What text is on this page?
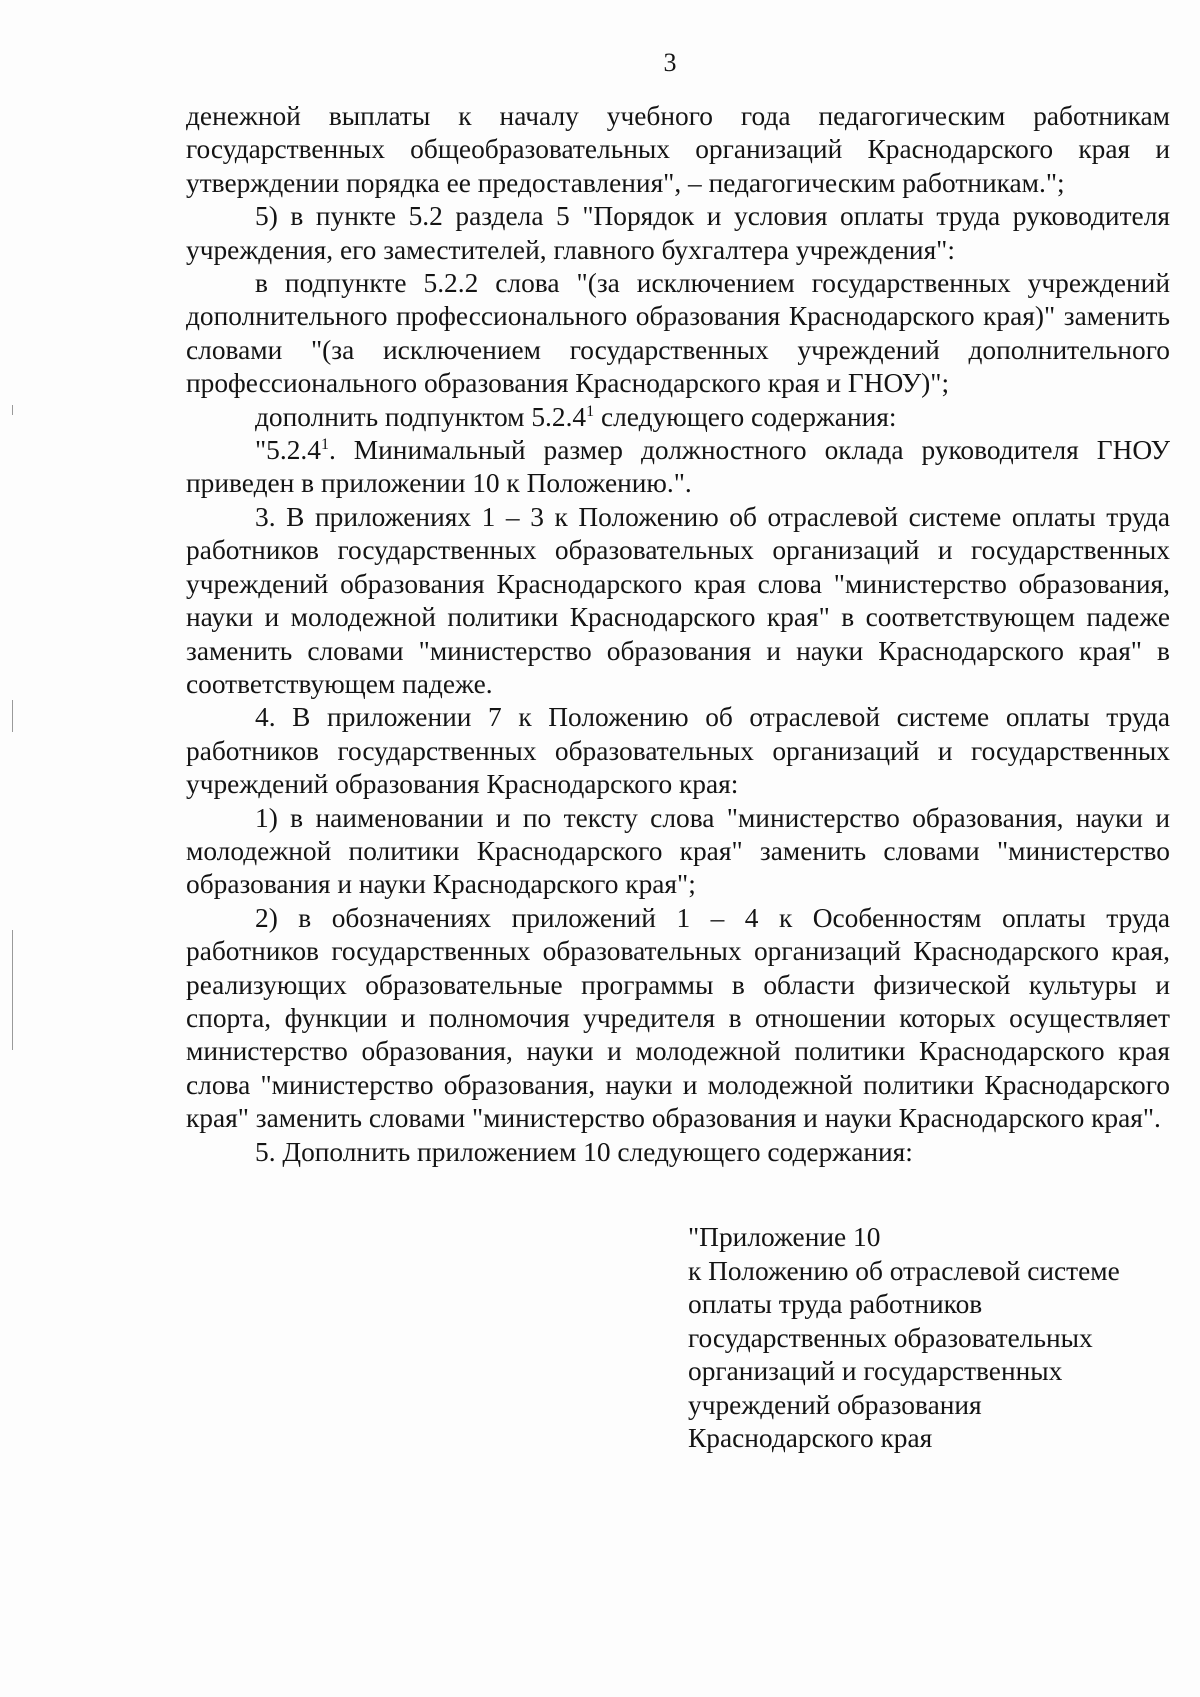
3

денежной выплаты к началу учебного года педагогическим работникам государственных общеобразовательных организаций Краснодарского края и утверждении порядка ее предоставления", – педагогическим работникам.";

5) в пункте 5.2 раздела 5 "Порядок и условия оплаты труда руководителя учреждения, его заместителей, главного бухгалтера учреждения":

в подпункте 5.2.2 слова "(за исключением государственных учреждений дополнительного профессионального образования Краснодарского края)" заменить словами "(за исключением государственных учреждений дополнительного профессионального образования Краснодарского края и ГНОУ)";

дополнить подпунктом 5.2.4$^1$ следующего содержания:

"5.2.4$^1$. Минимальный размер должностного оклада руководителя ГНОУ приведен в приложении 10 к Положению.".

3. В приложениях 1 – 3 к Положению об отраслевой системе оплаты труда работников государственных образовательных организаций и государственных учреждений образования Краснодарского края слова "министерство образования, науки и молодежной политики Краснодарского края" в соответствующем падеже заменить словами "министерство образования и науки Краснодарского края" в соответствующем падеже.

4. В приложении 7 к Положению об отраслевой системе оплаты труда работников государственных образовательных организаций и государственных учреждений образования Краснодарского края:

1) в наименовании и по тексту слова "министерство образования, науки и молодежной политики Краснодарского края" заменить словами "министерство образования и науки Краснодарского края";

2) в обозначениях приложений 1 – 4 к Особенностям оплаты труда работников государственных образовательных организаций Краснодарского края, реализующих образовательные программы в области физической культуры и спорта, функции и полномочия учредителя в отношении которых осуществляет министерство образования, науки и молодежной политики Краснодарского края слова "министерство образования, науки и молодежной политики Краснодарского края" заменить словами "министерство образования и науки Краснодарского края".

5. Дополнить приложением 10 следующего содержания:

"Приложение 10
к Положению об отраслевой системе
оплаты труда работников
государственных образовательных
организаций и государственных
учреждений образования
Краснодарского края
